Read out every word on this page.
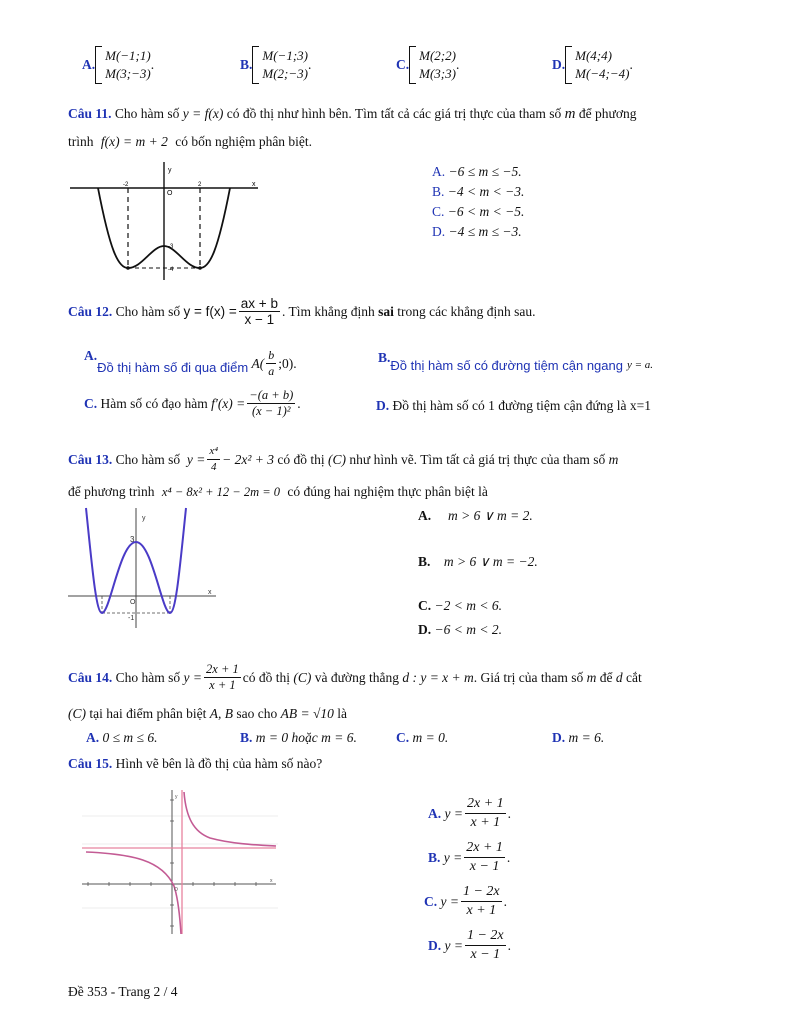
A.
M(−1;1)
M(3;−3)
.	B.
M(−1;3)
M(2;−3)
.	C.
M(2;2)
M(3;3)
.	D.
M(4;4)
M(−4;−4)
.
Câu 11. Cho hàm số y = f(x) có đồ thị như hình bên. Tìm tất cả các giá trị thực của tham số m để phương
trình f(x) = m + 2 có bốn nghiệm phân biệt.
y
x
O
-3
-4
-2	2
A. −6 ≤ m ≤ −5.
B. −4 < m < −3.
C. −6 < m < −5.
D. −4 ≤ m ≤ −3.
Câu 12.
Cho hàm số
$y = f(x) = \frac{ax + b}{x - 1}$ . Tìm khẳng định
sai
trong các khẳng định sau.
A.
Đồ thị hàm số đi qua điểm
$A( \frac{b}{a}$ ;0).	B.
Đồ thị hàm số có đường tiệm cận ngang y = a.
C.
Hàm số có đạo hàm
$f'(x) = \frac{-(a + b)}{\text{(x − 1)²}}$ .	D. Đồ thị hàm số có 1 đường tiệm cận đứng là x=1
Câu 13.
Cho hàm số
$y = \frac{\text{x⁴}}{4} - 2x^2 + 3$
có đồ thị
(C)
như hình vẽ. Tìm tất cả giá trị thực của tham số
m
để phương trình x⁴ − 8x² + 12 − 2m = 0 có đúng hai nghiệm thực phân biệt là
y
x
O
3
-1
A. m > 6 ∨ m = 2.
B. m > 6 ∨ m = −2.
C. −2 < m < 6.
D. −6 < m < 2.
Câu 14.
Cho hàm số
$y = \frac{2x + 1}{x + 1}$ có đồ thị
(C)
và đường thẳng
d : y = x + m . Giá trị của tham số
m
để
d
cắt
(C) tại hai điểm phân biệt A, B sao cho AB = √10 là
A. 0 ≤ m ≤ 6.	B. m = 0 hoặc m = 6.	C. m = 0.	D. m = 6.
Câu 15. Hình vẽ bên là đồ thị của hàm số nào?
y
x
O
A.
$y = \frac{2x + 1}{x + 1}$ .
B.
$y = \frac{2x + 1}{x - 1}$ .
C.
$y = \frac{1 - 2x}{x + 1}$ .
D.
$y = \frac{1 - 2x}{x - 1}$ .
Đề 353 - Trang 2 / 4
